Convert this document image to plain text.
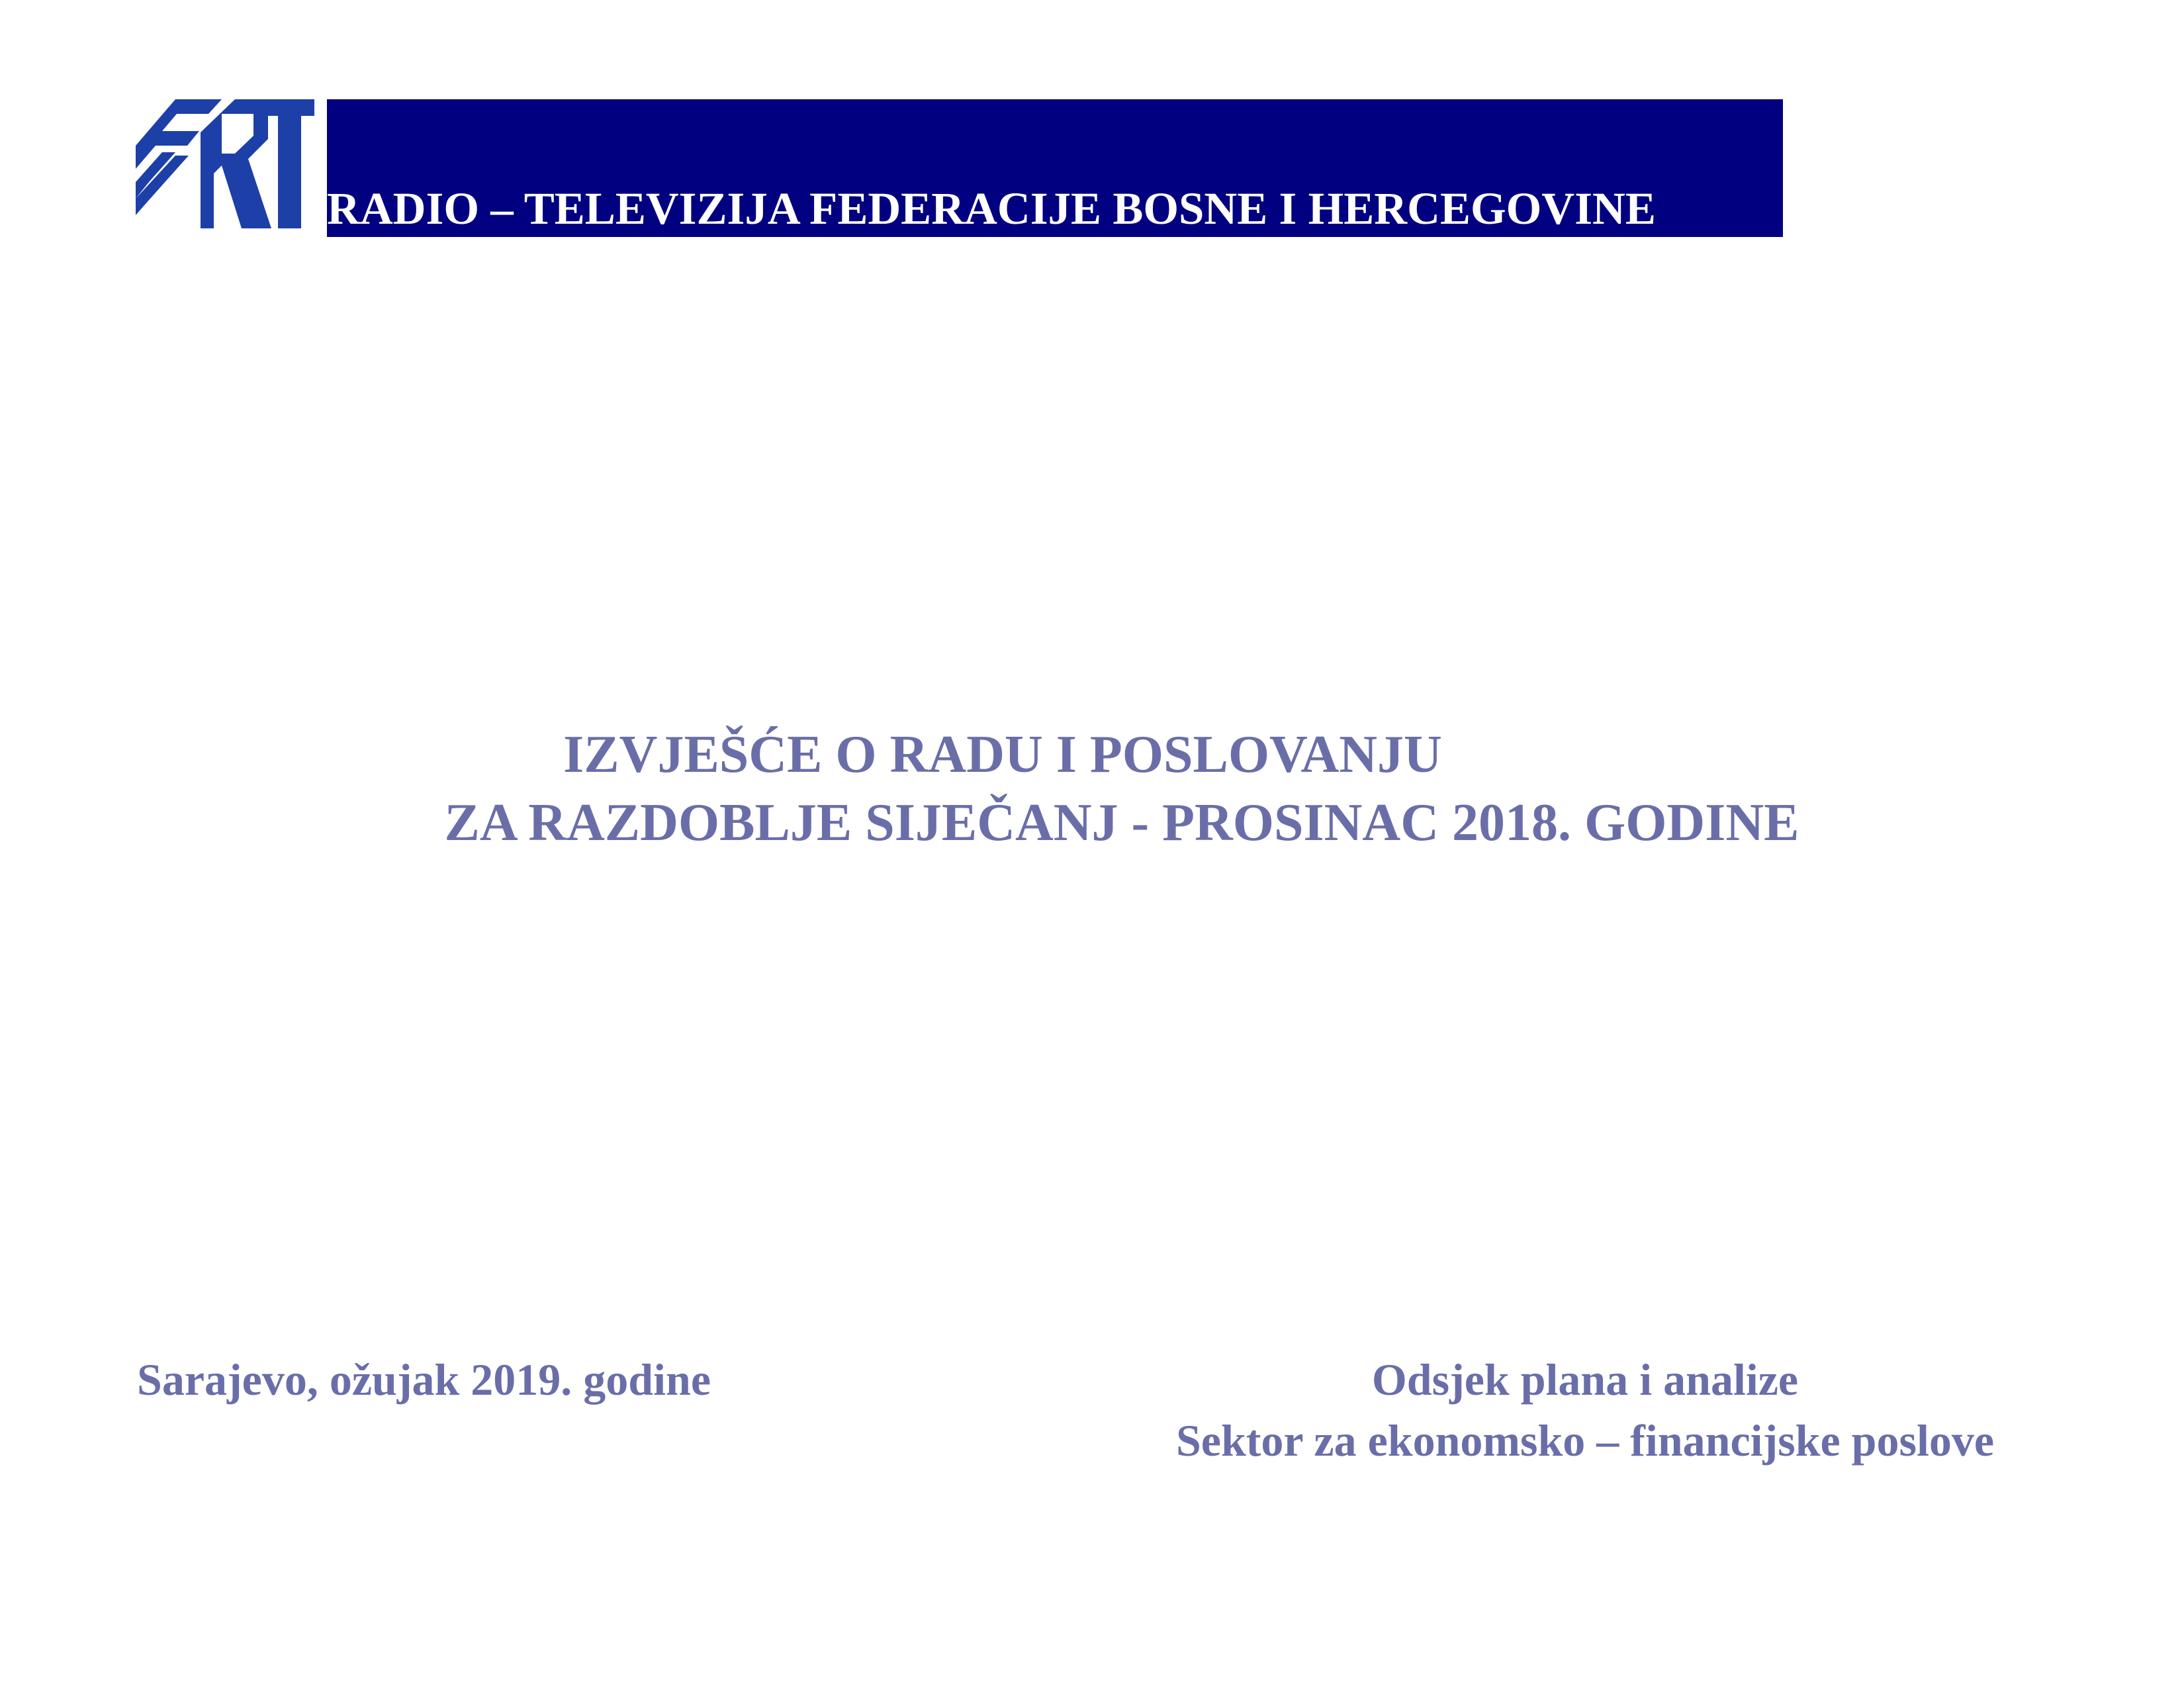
RADIO – TELEVIZIJA FEDERACIJE BOSNE I HERCEGOVINE
IZVJEŠĆE O RADU I POSLOVANJU
ZA RAZDOBLJE SIJEČANJ - PROSINAC 2018. GODINE
Sarajevo, ožujak 2019. godine	Odsjek plana i analize
Sektor za ekonomsko – financijske poslove
